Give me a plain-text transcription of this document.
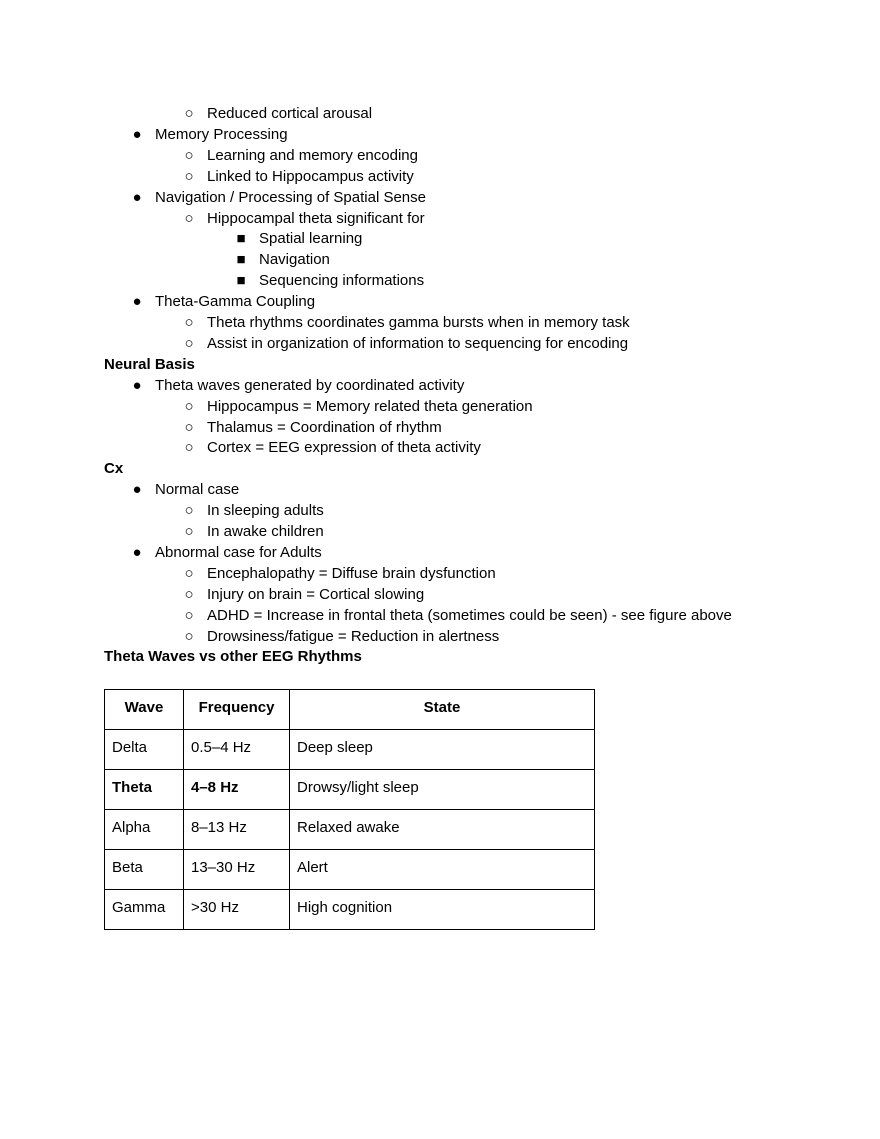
○ Reduced cortical arousal
● Memory Processing
○ Learning and memory encoding
○ Linked to Hippocampus activity
● Navigation / Processing of Spatial Sense
○ Hippocampal theta significant for
■ Spatial learning
■ Navigation
■ Sequencing informations
● Theta-Gamma Coupling
○ Theta rhythms coordinates gamma bursts when in memory task
○ Assist in organization of information to sequencing for encoding
Neural Basis
● Theta waves generated by coordinated activity
○ Hippocampus = Memory related theta generation
○ Thalamus = Coordination of rhythm
○ Cortex = EEG expression of theta activity
Cx
● Normal case
○ In sleeping adults
○ In awake children
● Abnormal case for Adults
○ Encephalopathy = Diffuse brain dysfunction
○ Injury on brain = Cortical slowing
○ ADHD = Increase in frontal theta (sometimes could be seen) - see figure above
○ Drowsiness/fatigue = Reduction in alertness
Theta Waves vs other EEG Rhythms
Wave	Frequency	State
Delta	0.5–4 Hz	Deep sleep
Theta	4–8 Hz	Drowsy/light sleep
Alpha	8–13 Hz	Relaxed awake
Beta	13–30 Hz	Alert
Gamma	>30 Hz	High cognition
